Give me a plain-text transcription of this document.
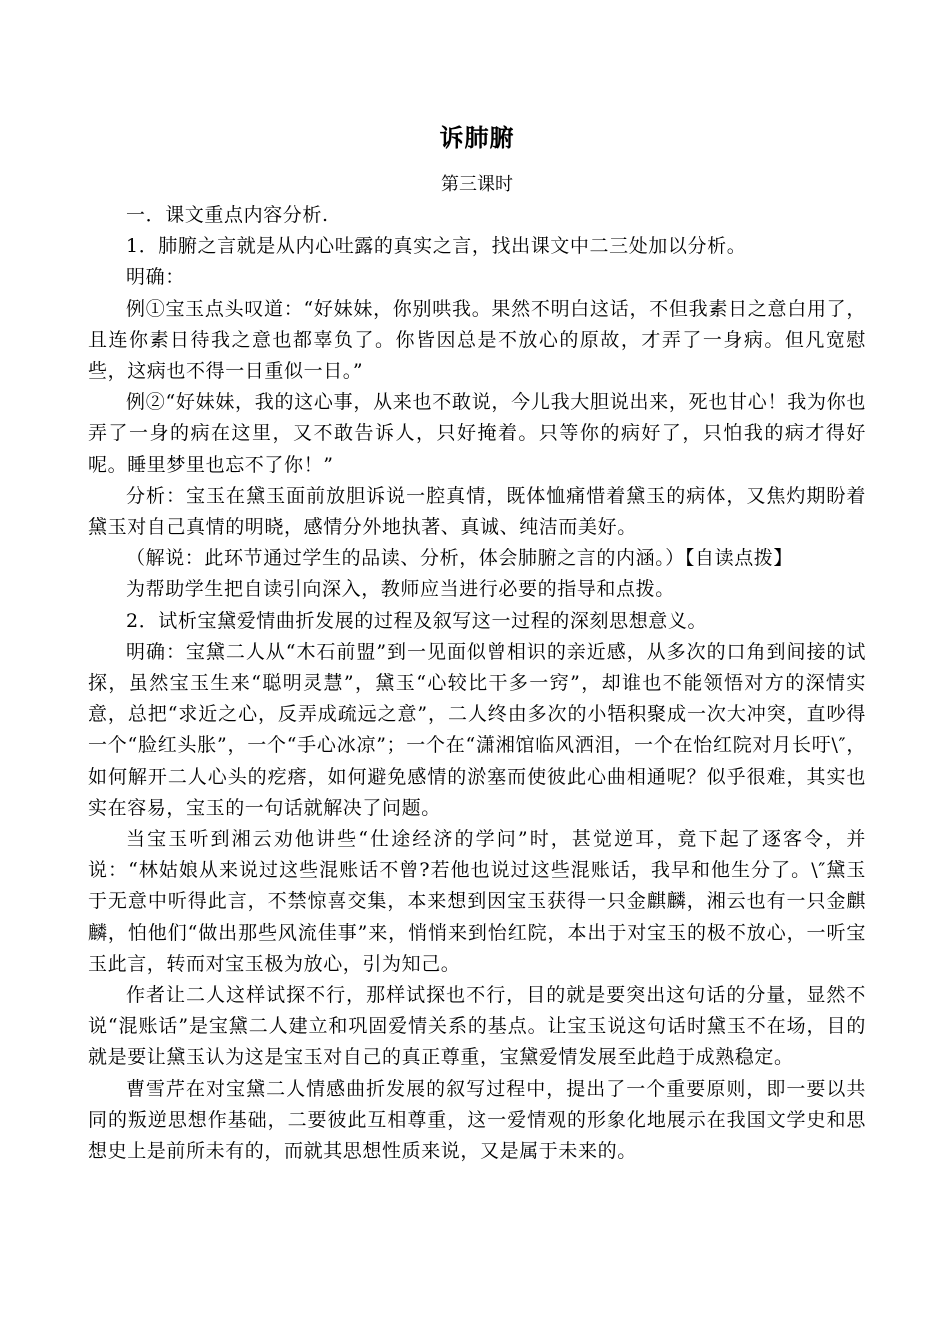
诉肺腑

第三课时

一．课文重点内容分析.

1．肺腑之言就是从内心吐露的真实之言，找出课文中二三处加以分析。

明确：

例①宝玉点头叹道：“好妹妹，你别哄我。果然不明白这话，不但我素日之意白用了，且连你素日待我之意也都辜负了。你皆因总是不放心的原故，才弄了一身病。但凡宽慰些，这病也不得一日重似一日。”

例②“好妹妹，我的这心事，从来也不敢说，今儿我大胆说出来，死也甘心！我为你也弄了一身的病在这里，又不敢告诉人，只好掩着。只等你的病好了，只怕我的病才得好呢。睡里梦里也忘不了你！”

分析：宝玉在黛玉面前放胆诉说一腔真情，既体恤痛惜着黛玉的病体，又焦灼期盼着黛玉对自己真情的明晓，感情分外地执著、真诚、纯洁而美好。

（解说：此环节通过学生的品读、分析，体会肺腑之言的内涵。）【自读点拨】

为帮助学生把自读引向深入，教师应当进行必要的指导和点拨。

2．试析宝黛爱情曲折发展的过程及叙写这一过程的深刻思想意义。

明确：宝黛二人从“木石前盟”到一见面似曾相识的亲近感，从多次的口角到间接的试探，虽然宝玉生来“聪明灵慧”，黛玉“心较比干多一窍”，却谁也不能领悟对方的深情实意，总把“求近之心，反弄成疏远之意”，二人终由多次的小牾积聚成一次大冲突，直吵得一个“脸红头胀”，一个“手心冰凉”；一个在“潇湘馆临风洒泪，一个在怡红院对月长吁\″，如何解开二人心头的疙瘩，如何避免感情的淤塞而使彼此心曲相通呢？似乎很难，其实也实在容易，宝玉的一句话就解决了问题。

当宝玉听到湘云劝他讲些“仕途经济的学问”时，甚觉逆耳，竟下起了逐客令，并说：“林姑娘从来说过这些混账话不曾?若他也说过这些混账话，我早和他生分了。\″黛玉于无意中听得此言，不禁惊喜交集，本来想到因宝玉获得一只金麒麟，湘云也有一只金麒麟，怕他们“做出那些风流佳事”来，悄悄来到怡红院，本出于对宝玉的极不放心，一听宝玉此言，转而对宝玉极为放心，引为知己。

作者让二人这样试探不行，那样试探也不行，目的就是要突出这句话的分量，显然不说“混账话”是宝黛二人建立和巩固爱情关系的基点。让宝玉说这句话时黛玉不在场，目的就是要让黛玉认为这是宝玉对自己的真正尊重，宝黛爱情发展至此趋于成熟稳定。

曹雪芹在对宝黛二人情感曲折发展的叙写过程中，提出了一个重要原则，即一要以共同的叛逆思想作基础，二要彼此互相尊重，这一爱情观的形象化地展示在我国文学史和思想史上是前所未有的，而就其思想性质来说，又是属于未来的。
